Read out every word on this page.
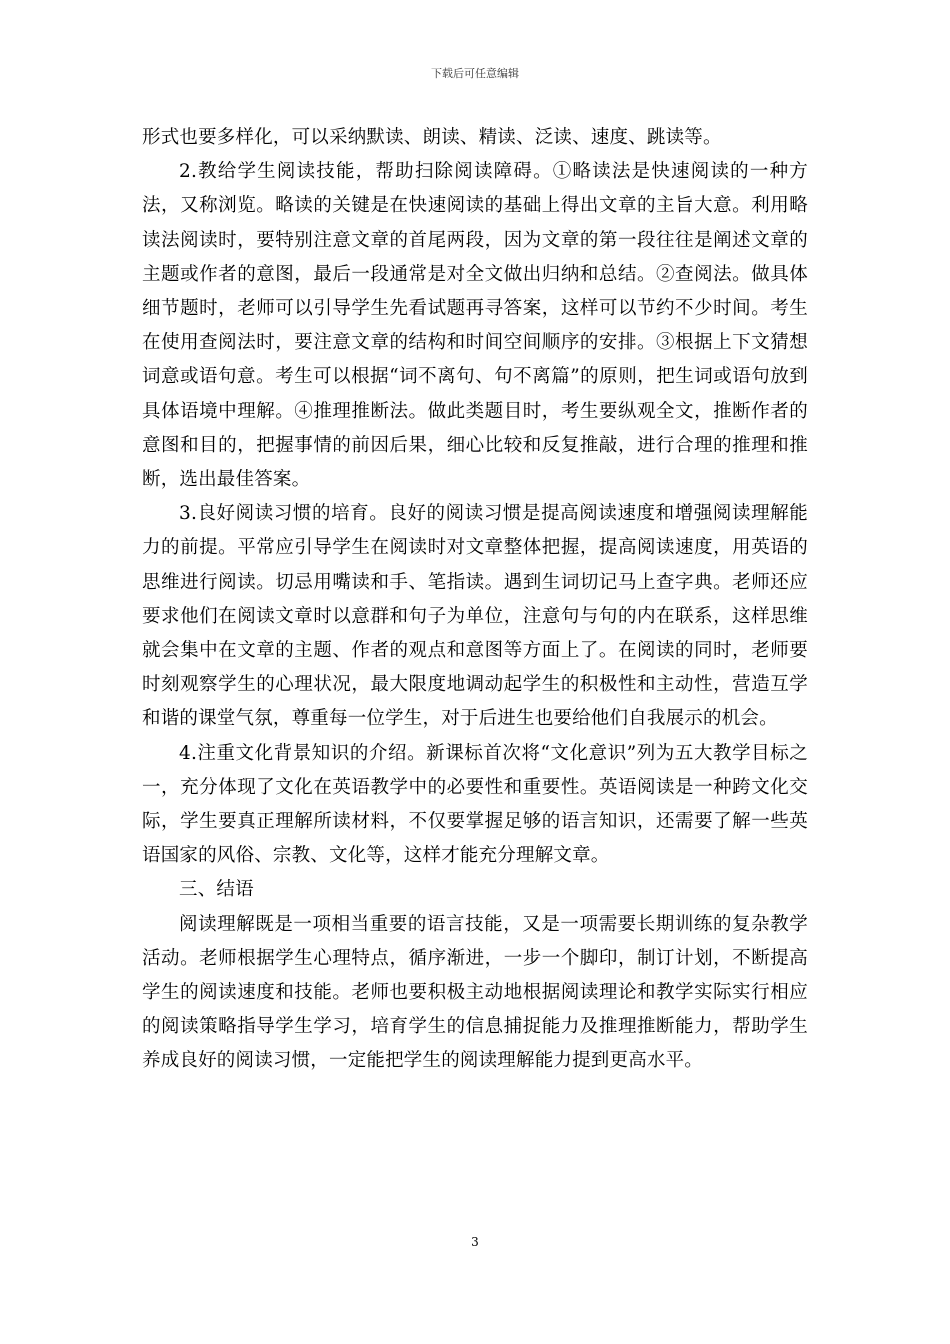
下载后可任意编辑

形式也要多样化，可以采纳默读、朗读、精读、泛读、速度、跳读等。

2.教给学生阅读技能，帮助扫除阅读障碍。①略读法是快速阅读的一种方法，又称浏览。略读的关键是在快速阅读的基础上得出文章的主旨大意。利用略读法阅读时，要特别注意文章的首尾两段，因为文章的第一段往往是阐述文章的主题或作者的意图，最后一段通常是对全文做出归纳和总结。②查阅法。做具体细节题时，老师可以引导学生先看试题再寻答案，这样可以节约不少时间。考生在使用查阅法时，要注意文章的结构和时间空间顺序的安排。③根据上下文猜想词意或语句意。考生可以根据“词不离句、句不离篇”的原则，把生词或语句放到具体语境中理解。④推理推断法。做此类题目时，考生要纵观全文，推断作者的意图和目的，把握事情的前因后果，细心比较和反复推敲，进行合理的推理和推断，选出最佳答案。

3.良好阅读习惯的培育。良好的阅读习惯是提高阅读速度和增强阅读理解能力的前提。平常应引导学生在阅读时对文章整体把握，提高阅读速度，用英语的思维进行阅读。切忌用嘴读和手、笔指读。遇到生词切记马上查字典。老师还应要求他们在阅读文章时以意群和句子为单位，注意句与句的内在联系，这样思维就会集中在文章的主题、作者的观点和意图等方面上了。在阅读的同时，老师要时刻观察学生的心理状况，最大限度地调动起学生的积极性和主动性，营造互学和谐的课堂气氛，尊重每一位学生，对于后进生也要给他们自我展示的机会。

4.注重文化背景知识的介绍。新课标首次将“文化意识”列为五大教学目标之一，充分体现了文化在英语教学中的必要性和重要性。英语阅读是一种跨文化交际，学生要真正理解所读材料，不仅要掌握足够的语言知识，还需要了解一些英语国家的风俗、宗教、文化等，这样才能充分理解文章。

三、结语

阅读理解既是一项相当重要的语言技能，又是一项需要长期训练的复杂教学活动。老师根据学生心理特点，循序渐进，一步一个脚印，制订计划，不断提高学生的阅读速度和技能。老师也要积极主动地根据阅读理论和教学实际实行相应的阅读策略指导学生学习，培育学生的信息捕捉能力及推理推断能力，帮助学生养成良好的阅读习惯，一定能把学生的阅读理解能力提到更高水平。

3
